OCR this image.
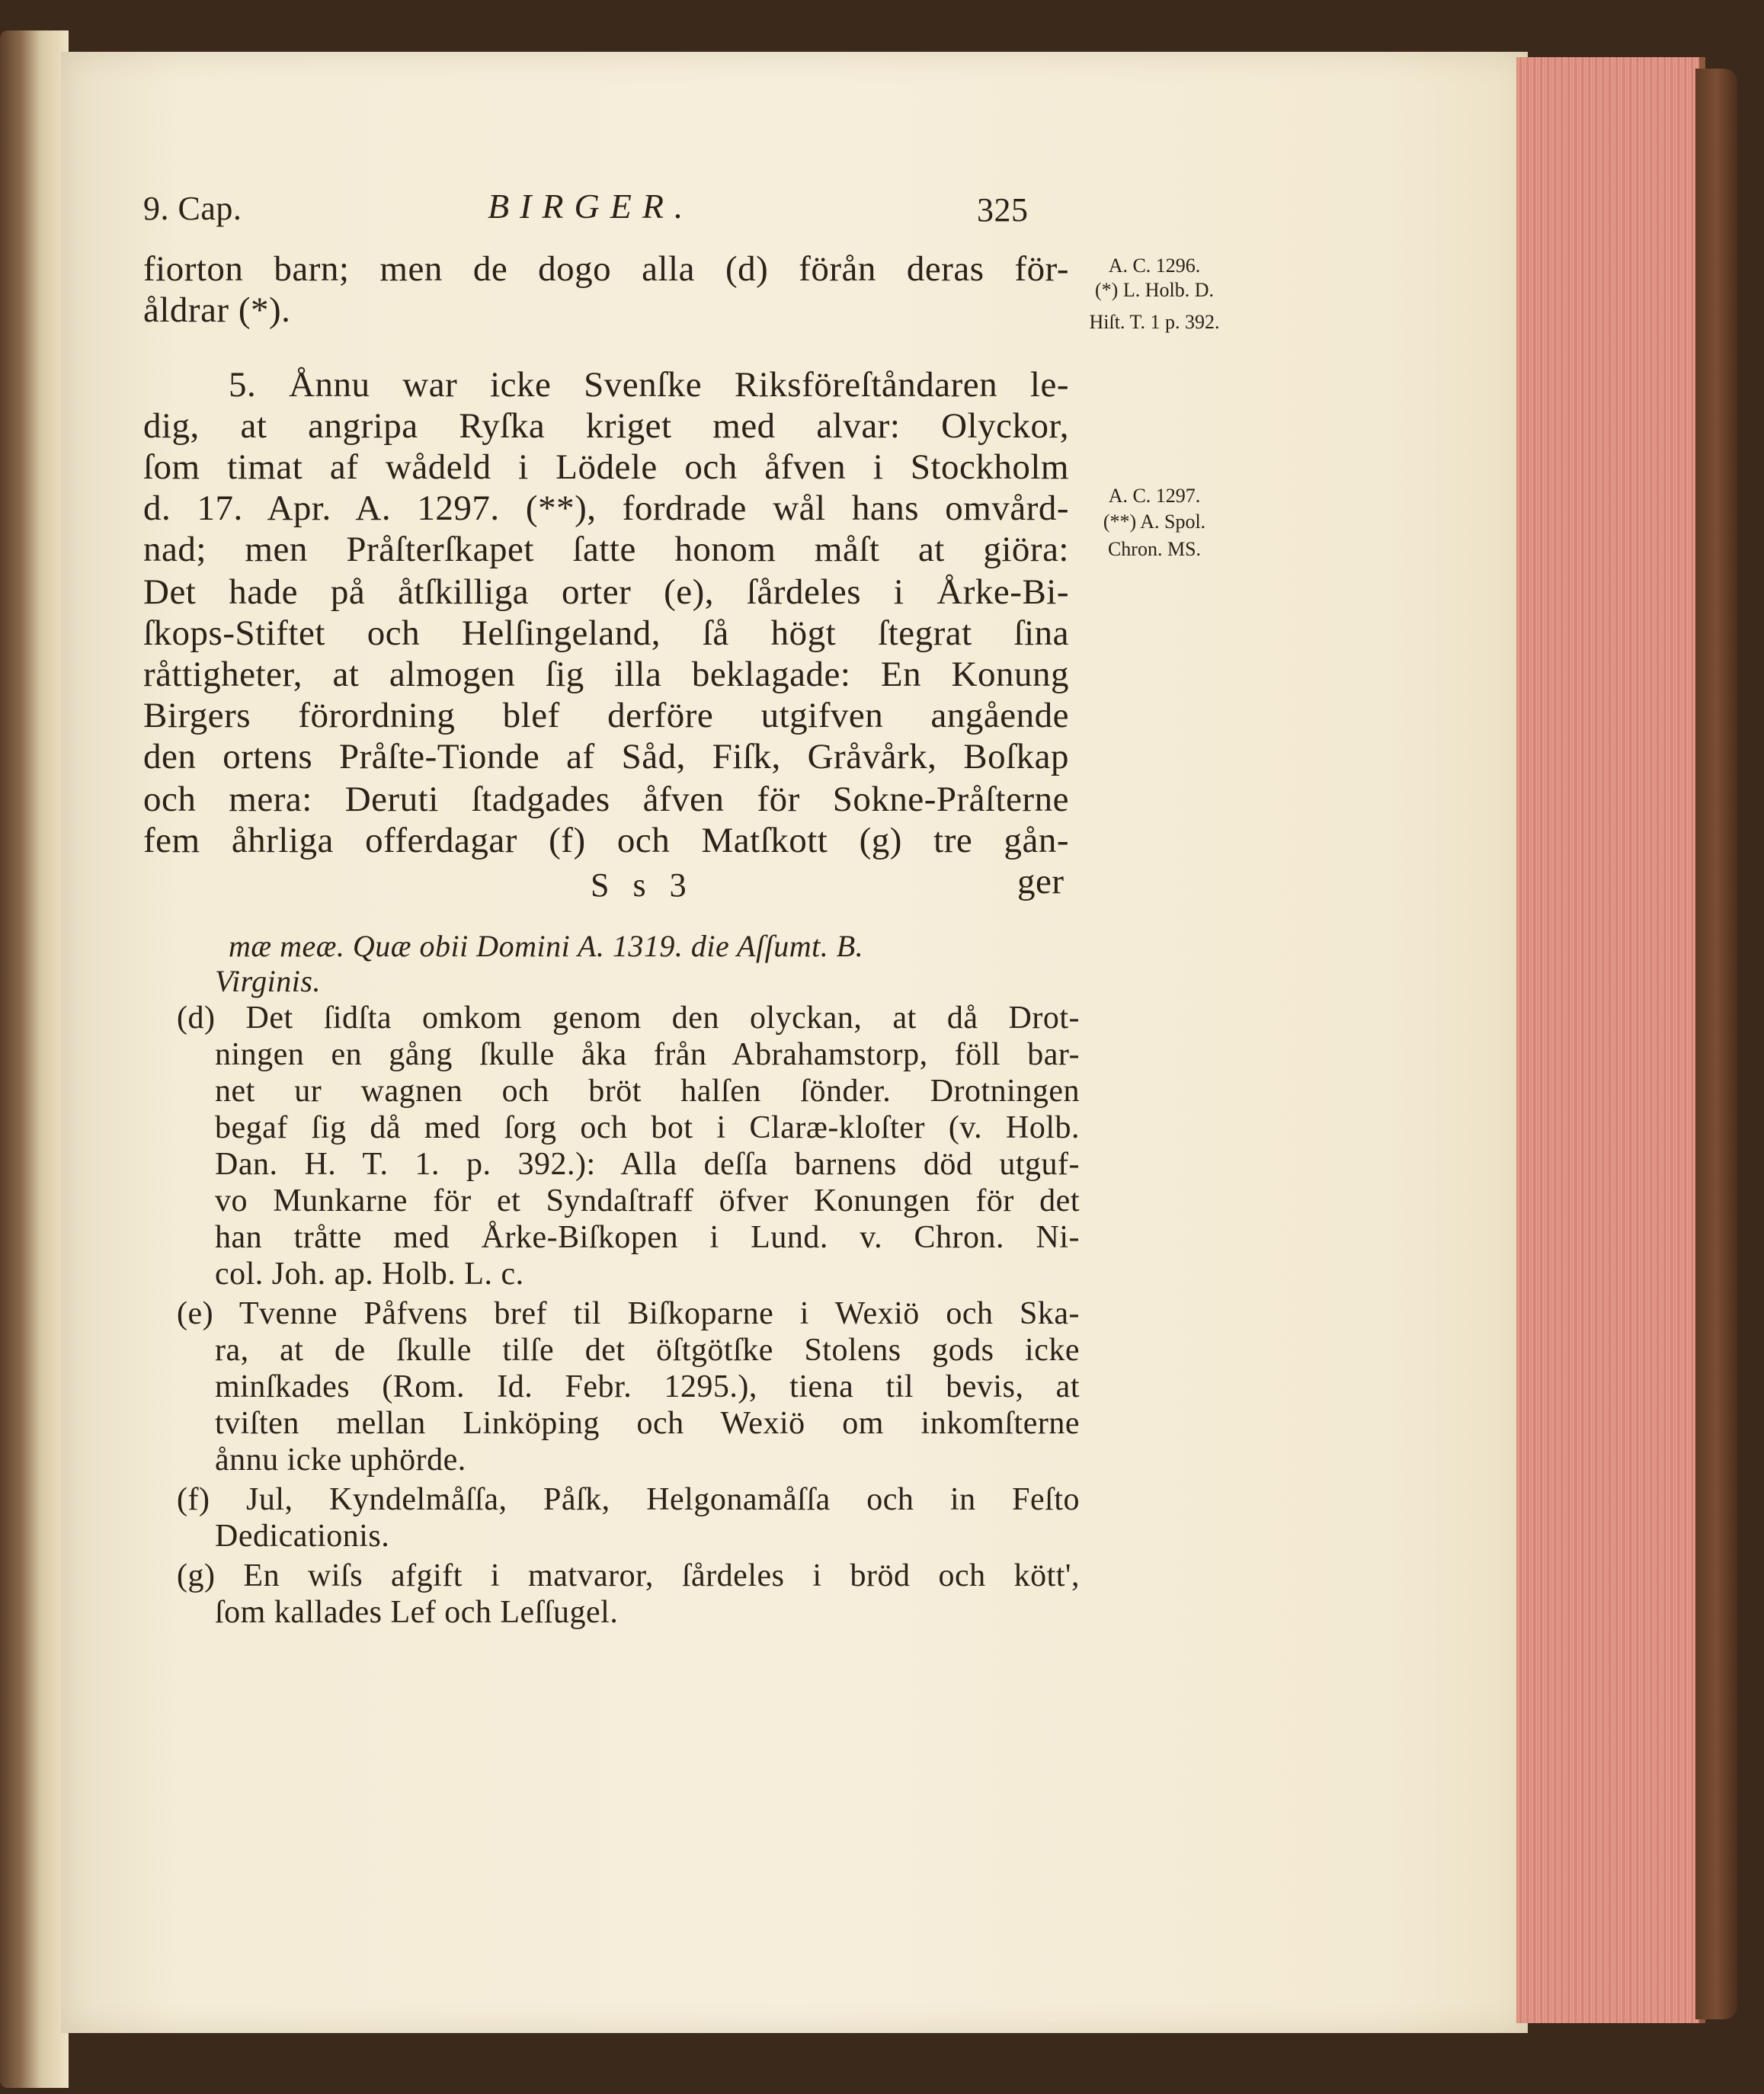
9. Cap.	BIRGER.	325
fiorton barn; men de dogo alla (d) förån deras för-
åldrar (*).
5. Ånnu war icke Svenſke Riksföreſtåndaren le-
dig, at angripa Ryſka kriget med alvar: Olyckor,
ſom timat af wådeld i Lödele och åfven i Stockholm
d. 17. Apr. A. 1297. (**), fordrade wål hans omvård-
nad; men Pråſterſkapet ſatte honom måſt at giöra:
Det hade på åtſkilliga orter (e), ſårdeles i Årke-Bi-
ſkops-Stiftet och Helſingeland, ſå högt ſtegrat ſina
råttigheter, at almogen ſig illa beklagade: En Konung
Birgers förordning blef derföre utgifven angående
den ortens Pråſte-Tionde af Såd, Fiſk, Gråvårk, Boſkap
och mera: Deruti ſtadgades åfven för Sokne-Pråſterne
fem åhrliga offerdagar (f) och Matſkott (g) tre gån-
S s 3	ger
A. C. 1296.
(*) L. Holb. D.
Hiſt. T. 1 p. 392.
A. C. 1297.
(**) A. Spol.
Chron. MS.
mæ meæ. Quæ obii Domini A. 1319. die Aſſumt. B.
Virginis.
(d) Det ſidſta omkom genom den olyckan, at då Drot-
ningen en gång ſkulle åka från Abrahamstorp, föll bar-
net ur wagnen och bröt halſen ſönder. Drotningen
begaf ſig då med ſorg och bot i Claræ-kloſter (v. Holb.
Dan. H. T. 1. p. 392.): Alla deſſa barnens död utguf-
vo Munkarne för et Syndaſtraff öfver Konungen för det
han tråtte med Årke-Biſkopen i Lund. v. Chron. Ni-
col. Joh. ap. Holb. L. c.
(e) Tvenne Påfvens bref til Biſkoparne i Wexiö och Ska-
ra, at de ſkulle tilſe det öſtgötſke Stolens gods icke
minſkades (Rom. Id. Febr. 1295.), tiena til bevis, at
tviſten mellan Linköping och Wexiö om inkomſterne
ånnu icke uphörde.
(f) Jul, Kyndelmåſſa, Påſk, Helgonamåſſa och in Feſto
Dedicationis.
(g) En wiſs afgift i matvaror, ſårdeles i bröd och kött',
ſom kallades Lef och Leſſugel.
